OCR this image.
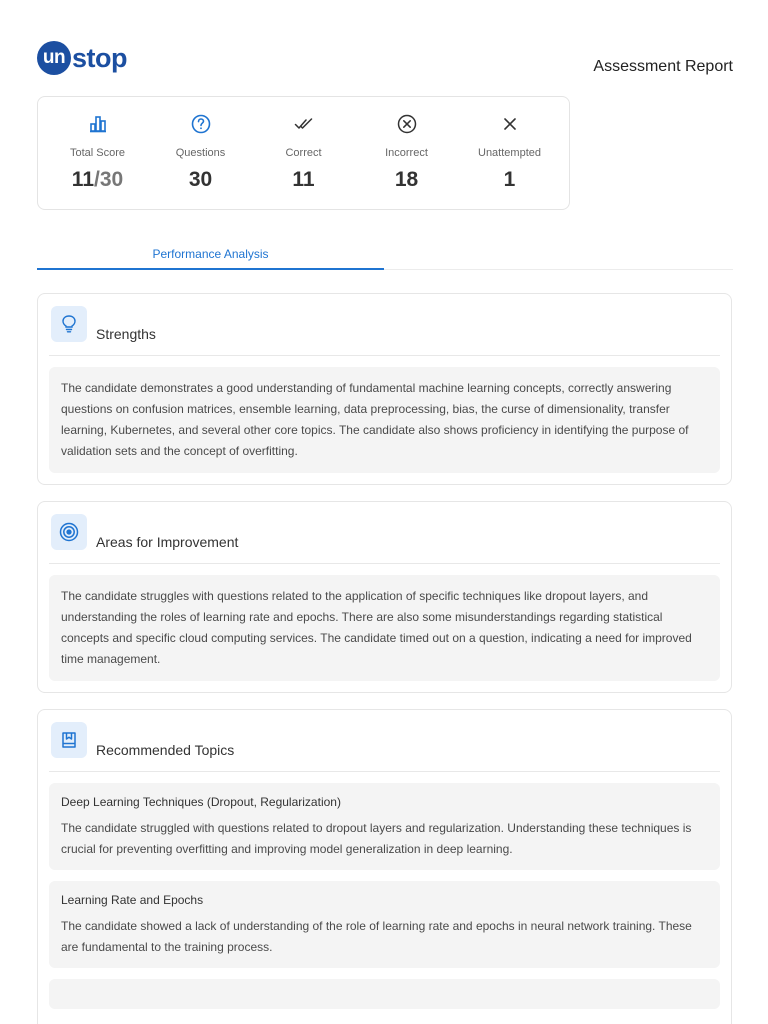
un stop	Assessment Report
Total Score
11/30
Questions
30
Correct
11
Incorrect
18
Unattempted
1
Performance Analysis
Strengths
The candidate demonstrates a good understanding of fundamental machine learning concepts, correctly answering questions on confusion matrices, ensemble learning, data preprocessing, bias, the curse of dimensionality, transfer learning, Kubernetes, and several other core topics. The candidate also shows proficiency in identifying the purpose of validation sets and the concept of overfitting.
Areas for Improvement
The candidate struggles with questions related to the application of specific techniques like dropout layers, and understanding the roles of learning rate and epochs. There are also some misunderstandings regarding statistical concepts and specific cloud computing services. The candidate timed out on a question, indicating a need for improved time management.
Recommended Topics
Deep Learning Techniques (Dropout, Regularization)
The candidate struggled with questions related to dropout layers and regularization. Understanding these techniques is crucial for preventing overfitting and improving model generalization in deep learning.
Learning Rate and Epochs
The candidate showed a lack of understanding of the role of learning rate and epochs in neural network training. These are fundamental to the training process.
